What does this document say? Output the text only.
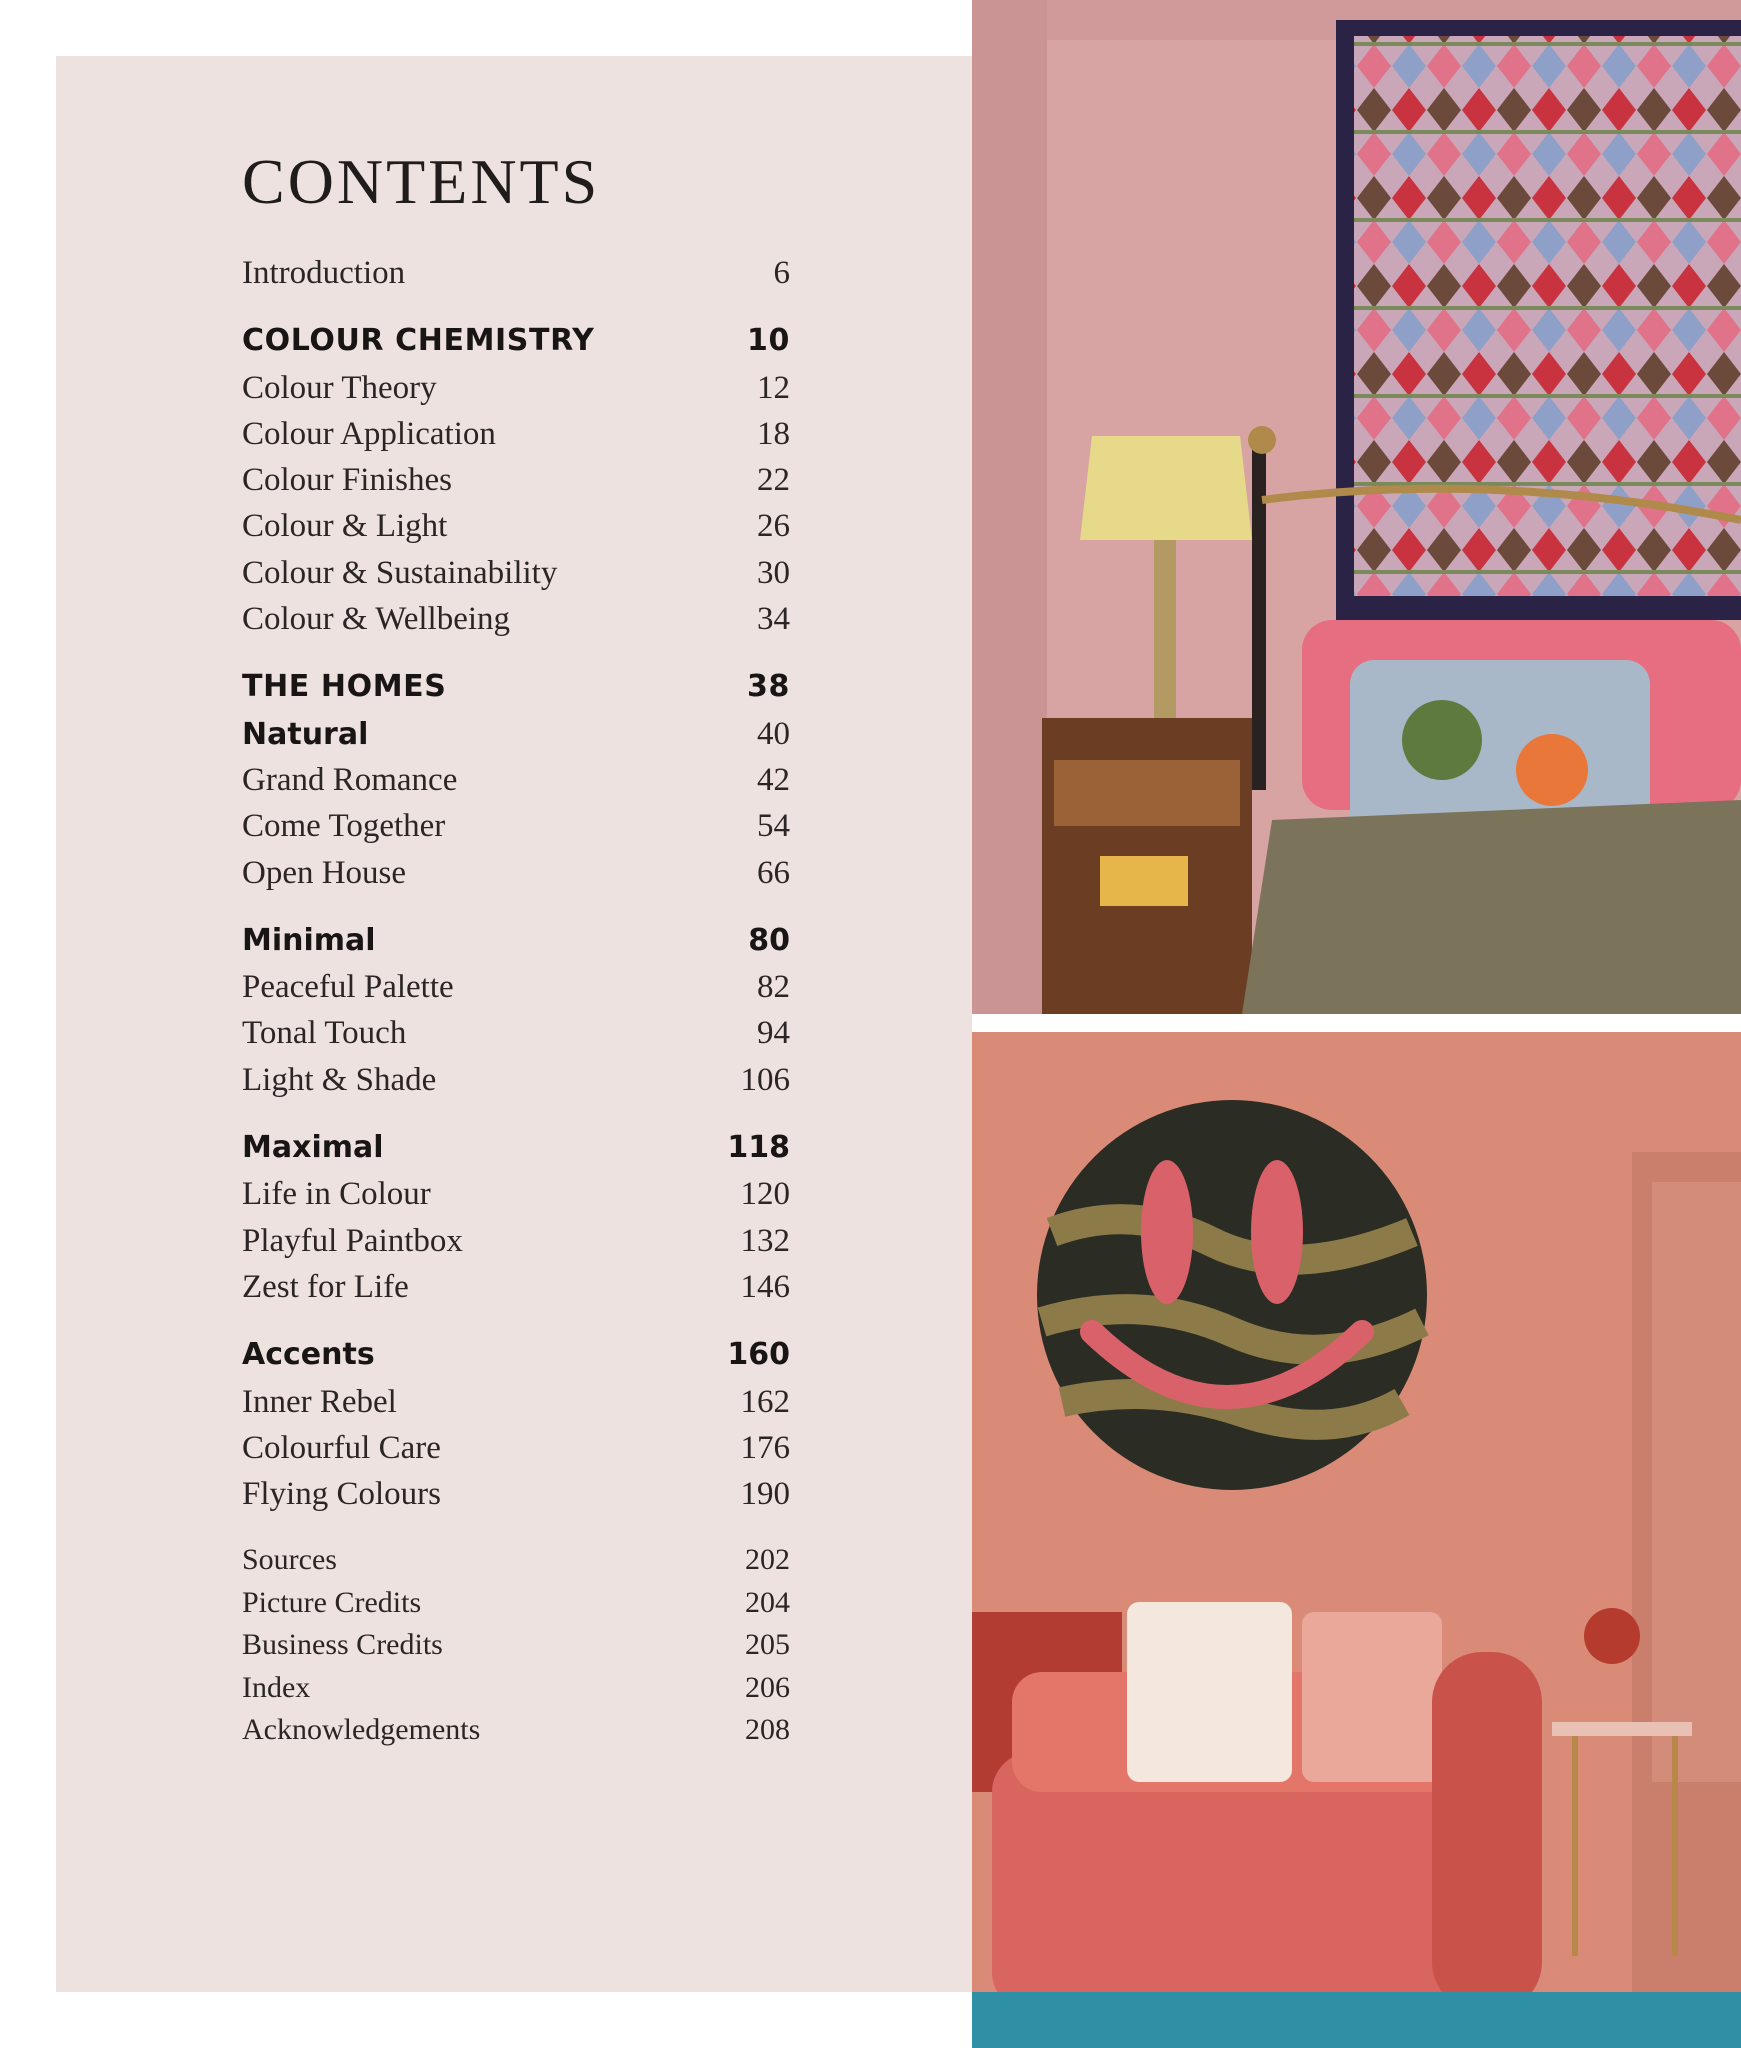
CONTENTS
Introduction	6
COLOUR CHEMISTRY	10
Colour Theory	12
Colour Application	18
Colour Finishes	22
Colour & Light	26
Colour & Sustainability	30
Colour & Wellbeing	34
THE HOMES	38
Natural	40
Grand Romance	42
Come Together	54
Open House	66
Minimal	80
Peaceful Palette	82
Tonal Touch	94
Light & Shade	106
Maximal	118
Life in Colour	120
Playful Paintbox	132
Zest for Life	146
Accents	160
Inner Rebel	162
Colourful Care	176
Flying Colours	190
Sources	202
Picture Credits	204
Business Credits	205
Index	206
Acknowledgements	208
